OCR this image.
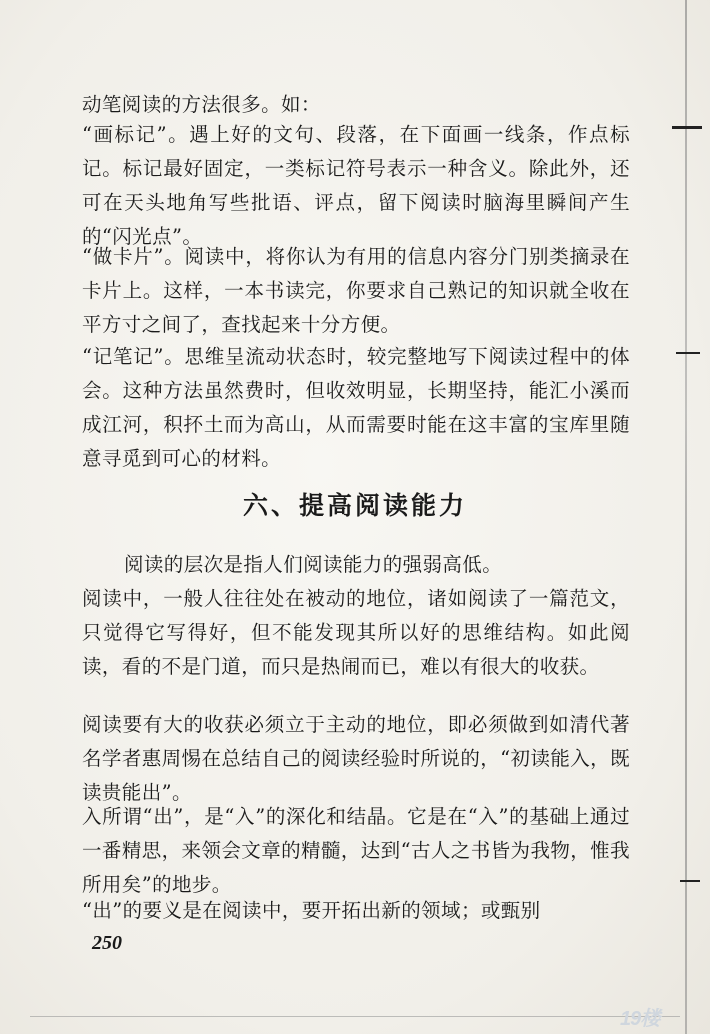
动笔阅读的方法很多。如：

“画标记”。遇上好的文句、段落，在下面画一线条，作点标记。标记最好固定，一类标记符号表示一种含义。除此外，还可在天头地角写些批语、评点，留下阅读时脑海里瞬间产生的“闪光点”。

“做卡片”。阅读中，将你认为有用的信息内容分门别类摘录在卡片上。这样，一本书读完，你要求自己熟记的知识就全收在平方寸之间了，查找起来十分方便。

“记笔记”。思维呈流动状态时，较完整地写下阅读过程中的体会。这种方法虽然费时，但收效明显，长期坚持，能汇小溪而成江河，积抔土而为高山，从而需要时能在这丰富的宝库里随意寻觅到可心的材料。

六、提高阅读能力

阅读的层次是指人们阅读能力的强弱高低。

阅读中，一般人往往处在被动的地位，诸如阅读了一篇范文，只觉得它写得好，但不能发现其所以好的思维结构。如此阅读，看的不是门道，而只是热闹而已，难以有很大的收获。

阅读要有大的收获必须立于主动的地位，即必须做到如清代著名学者惠周惕在总结自己的阅读经验时所说的，“初读能入，既读贵能出”。

入所谓“出”，是“入”的深化和结晶。它是在“入”的基础上通过一番精思，来领会文章的精髓，达到“古人之书皆为我物，惟我所用矣”的地步。

“出”的要义是在阅读中，要开拓出新的领域；或甄别

250
19楼
